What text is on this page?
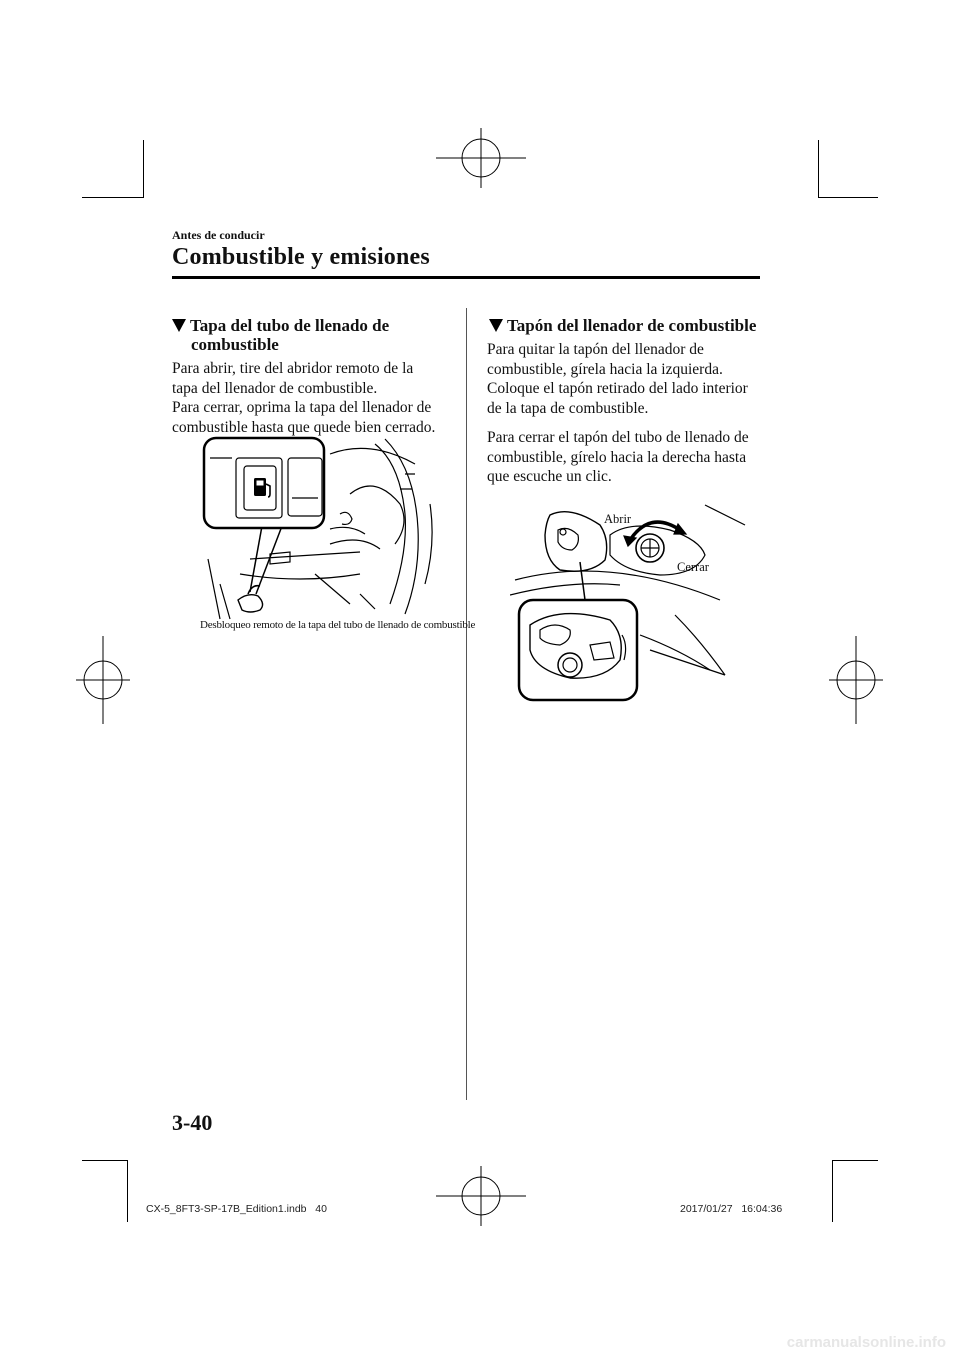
Antes de conducir
Combustible y emisiones
Tapa del tubo de llenado de
combustible
Para abrir, tire del abridor remoto de la
tapa del llenador de combustible.
Para cerrar, oprima la tapa del llenador de
combustible hasta que quede bien cerrado.
Desbloqueo remoto de la tapa del tubo de llenado de combustible
Tapón del llenador de combustible
Para quitar la tapón del llenador de
combustible, gírela hacia la izquierda.
Coloque el tapón retirado del lado interior
de la tapa de combustible.
Para cerrar el tapón del tubo de llenado de
combustible, gírelo hacia la derecha hasta
que escuche un clic.
Abrir
Cerrar
3-40
CX-5_8FT3-SP-17B_Edition1.indb 40	2017/01/27 16:04:36
carmanualsonline.info
